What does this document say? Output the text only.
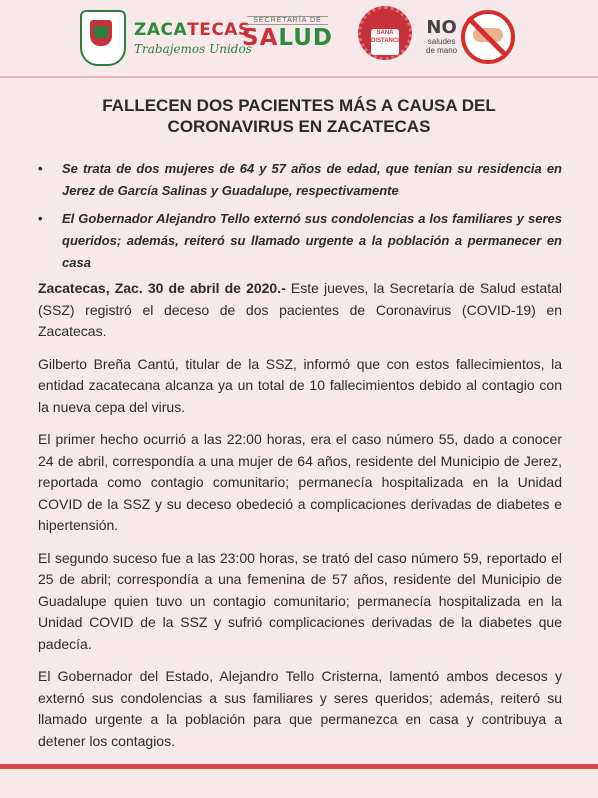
ZACATECAS
Trabajemos Unidos
SECRETARÍA DE
SALUD	SANA DISTANCIA
NO
saludes
de mano
FALLECEN DOS PACIENTES MÁS A CAUSA DEL CORONAVIRUS EN ZACATECAS
• Se trata de dos mujeres de 64 y 57 años de edad, que tenían su residencia en Jerez de García Salinas y Guadalupe, respectivamente
• El Gobernador Alejandro Tello externó sus condolencias a los familiares y seres queridos; además, reiteró su llamado urgente a la población a permanecer en casa

Zacatecas, Zac. 30 de abril de 2020.- Este jueves, la Secretaría de Salud estatal (SSZ) registró el deceso de dos pacientes de Coronavirus (COVID-19) en Zacatecas.

Gilberto Breña Cantú, titular de la SSZ, informó que con estos fallecimientos, la entidad zacatecana alcanza ya un total de 10 fallecimientos debido al contagio con la nueva cepa del virus.

El primer hecho ocurrió a las 22:00 horas, era el caso número 55, dado a conocer 24 de abril, correspondía a una mujer de 64 años, residente del Municipio de Jerez, reportada como contagio comunitario; permanecía hospitalizada en la Unidad COVID de la SSZ y su deceso obedeció a complicaciones derivadas de diabetes e hipertensión.

El segundo suceso fue a las 23:00 horas, se trató del caso número 59, reportado el 25 de abril; correspondía a una femenina de 57 años, residente del Municipio de Guadalupe quien tuvo un contagio comunitario; permanecía hospitalizada en la Unidad COVID de la SSZ y sufrió complicaciones derivadas de la diabetes que padecía.

El Gobernador del Estado, Alejandro Tello Cristerna, lamentó ambos decesos y externó sus condolencias a sus familiares y seres queridos; además, reiteró su llamado urgente a la población para que permanezca en casa y contribuya a detener los contagios.
